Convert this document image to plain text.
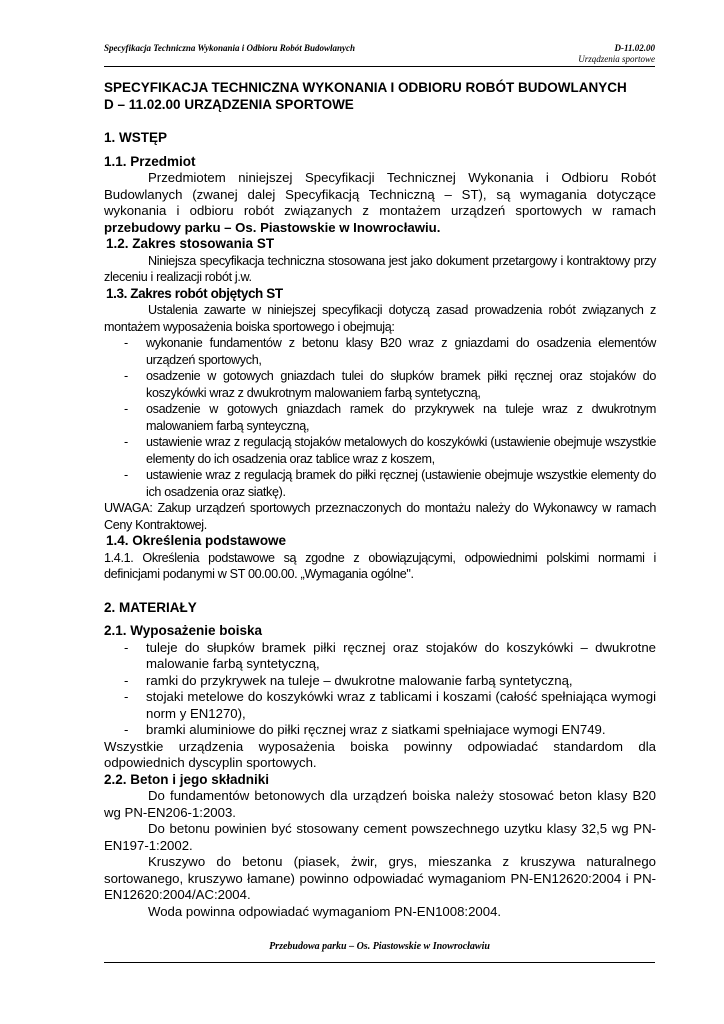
Specyfikacja Techniczna Wykonania i Odbioru Robót Budowlanych	D-11.02.00
Urządzenia sportowe

SPECYFIKACJA TECHNICZNA WYKONANIA I ODBIORU ROBÓT BUDOWLANYCH

D – 11.02.00 URZĄDZENIA SPORTOWE

1. WSTĘP
1.1. Przedmiot

Przedmiotem niniejszej Specyfikacji Technicznej Wykonania i Odbioru Robót Budowlanych (zwanej dalej Specyfikacją Techniczną – ST), są wymagania dotyczące wykonania i odbioru robót związanych z montażem urządzeń sportowych w ramach przebudowy parku – Os. Piastowskie w Inowrocławiu.

1.2. Zakres stosowania ST

Niniejsza specyfikacja techniczna stosowana jest jako dokument przetargowy i kontraktowy przy zleceniu i realizacji robót j.w.

1.3. Zakres robót objętych ST

Ustalenia zawarte w niniejszej specyfikacji dotyczą zasad prowadzenia robót związanych z montażem wyposażenia boiska sportowego i obejmują:

- wykonanie fundamentów z betonu klasy B20 wraz z gniazdami do osadzenia elementów urządzeń sportowych,
- osadzenie w gotowych gniazdach tulei do słupków bramek piłki ręcznej oraz stojaków do koszykówki wraz z dwukrotnym malowaniem farbą syntetyczną,
- osadzenie w gotowych gniazdach ramek do przykrywek na tuleje wraz z dwukrotnym malowaniem farbą synteyczną,
- ustawienie wraz z regulacją stojaków metalowych do koszykówki (ustawienie obejmuje wszystkie elementy do ich osadzenia oraz tablice wraz z koszem,
- ustawienie wraz z regulacją bramek do piłki ręcznej (ustawienie obejmuje wszystkie elementy do ich osadzenia oraz siatkę).

UWAGA: Zakup urządzeń sportowych przeznaczonych do montażu należy do Wykonawcy w ramach Ceny Kontraktowej.

1.4. Określenia podstawowe

1.4.1. Określenia podstawowe są zgodne z obowiązującymi, odpowiednimi polskimi normami i definicjami podanymi w ST 00.00.00. „Wymagania ogólne".

2. MATERIAŁY
2.1. Wyposażenie boiska
- tuleje do słupków bramek piłki ręcznej oraz stojaków do koszykówki – dwukrotne malowanie farbą syntetyczną,
- ramki do przykrywek na tuleje – dwukrotne malowanie farbą syntetyczną,
- stojaki metelowe do koszykówki wraz z tablicami i koszami (całość spełniająca wymogi norm y EN1270),
- bramki aluminiowe do piłki ręcznej wraz z siatkami spełniajace wymogi EN749.

Wszystkie urządzenia wyposażenia boiska powinny odpowiadać standardom dla odpowiednich dyscyplin sportowych.

2.2. Beton i jego składniki

Do fundamentów betonowych dla urządzeń boiska należy stosować beton klasy B20 wg PN-EN206-1:2003.

Do betonu powinien być stosowany cement powszechnego uzytku klasy 32,5 wg PN-EN197-1:2002.

Kruszywo do betonu (piasek, żwir, grys, mieszanka z kruszywa naturalnego sortowanego, kruszywo łamane) powinno odpowiadać wymaganiom PN-EN12620:2004 i PN-EN12620:2004/AC:2004.

Woda powinna odpowiadać wymaganiom PN-EN1008:2004.

Przebudowa parku – Os. Piastowskie w Inowrocławiu
